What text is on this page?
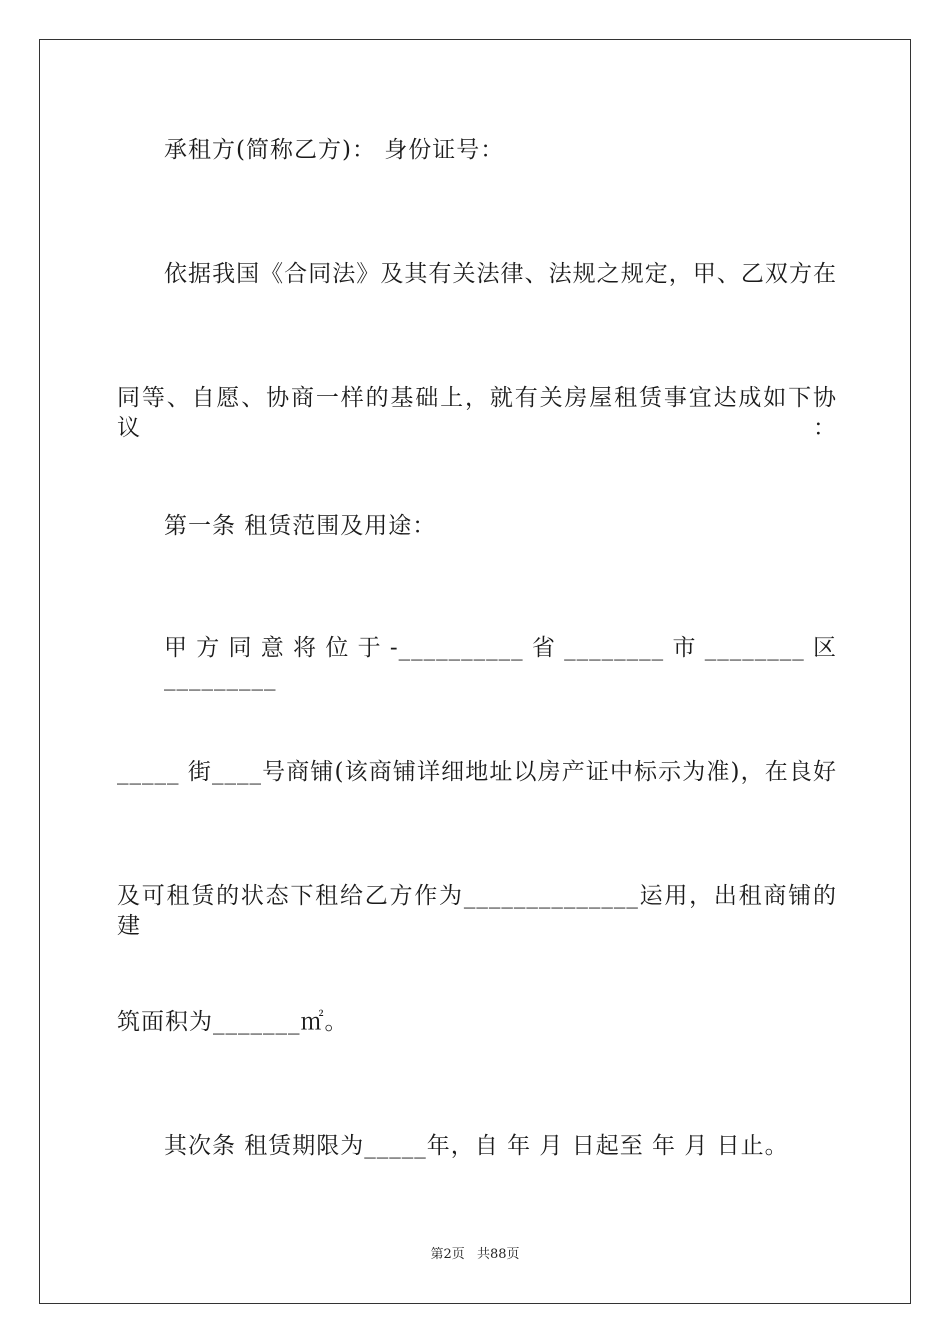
承租方(简称乙方)： 身份证号：
依据我国《合同法》及其有关法律、法规之规定，甲、乙双方在
同等、自愿、协商一样的基础上，就有关房屋租赁事宜达成如下协议：
第一条 租赁范围及用途：
甲方同意将位于-__________省________市________区_________
_____ 街____号商铺(该商铺详细地址以房产证中标示为准)，在良好
及可租赁的状态下租给乙方作为______________运用，出租商铺的建
筑面积为_______㎡。
其次条 租赁期限为_____年，自 年 月 日起至 年 月 日止。
第2页 共88页
